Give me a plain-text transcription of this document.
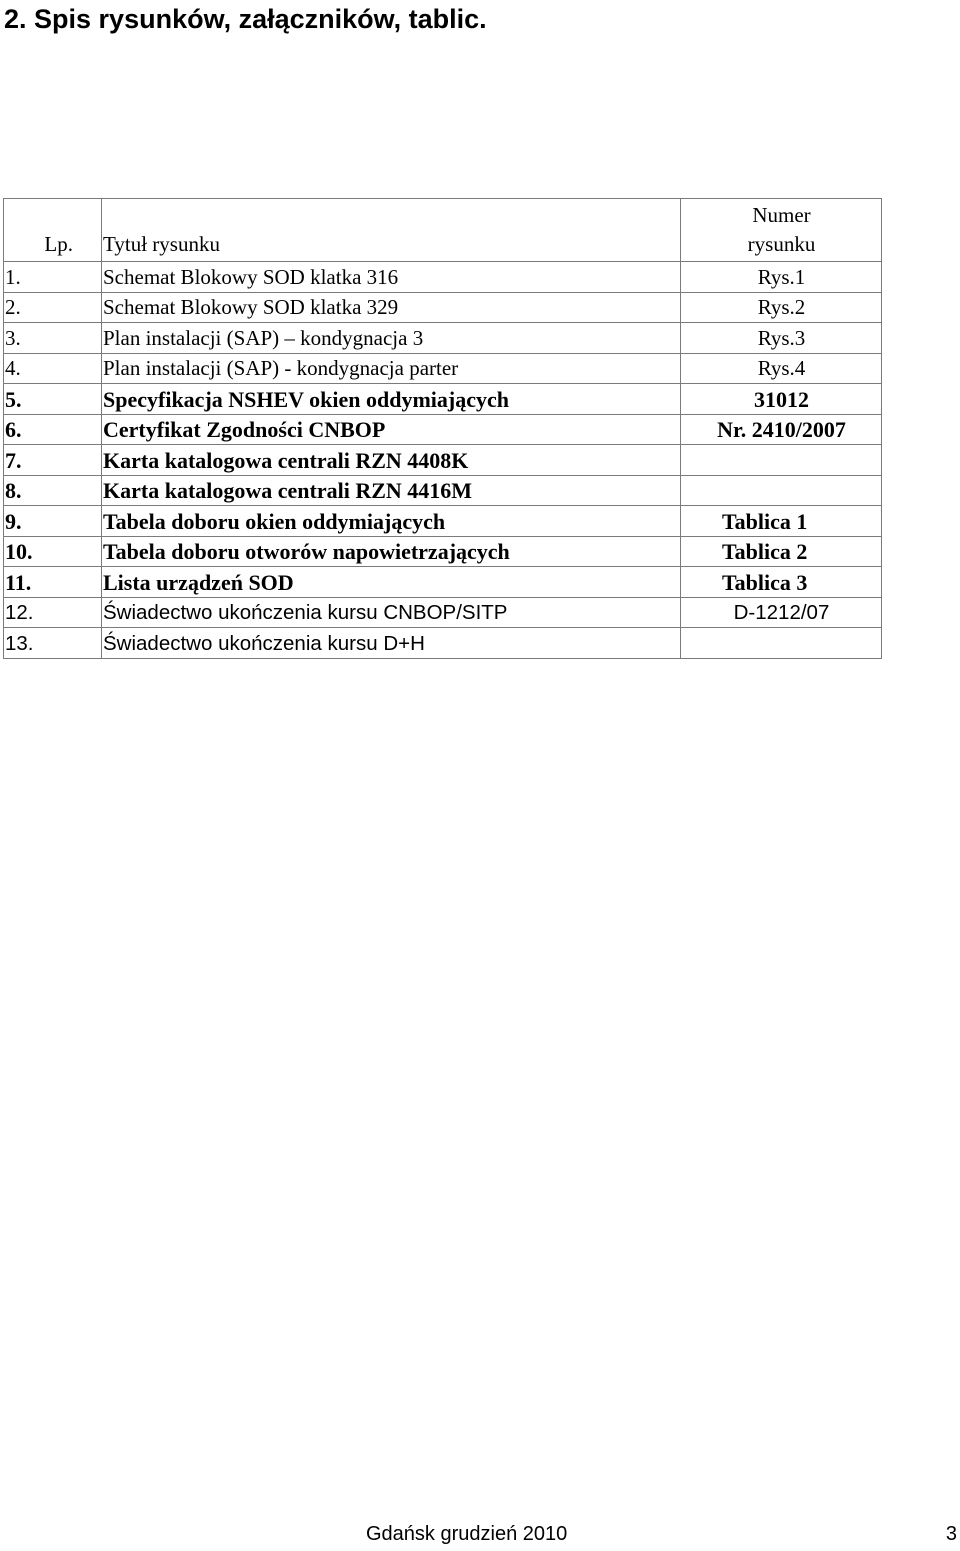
2. Spis rysunków, załączników, tablic.
Lp.	Tytuł rysunku	Numer
rysunku

1.	Schemat Blokowy SOD klatka 316	Rys.1
2.	Schemat Blokowy SOD klatka 329	Rys.2
3.	Plan instalacji (SAP) – kondygnacja 3	Rys.3
4.	Plan instalacji (SAP) - kondygnacja parter	Rys.4
5.	Specyfikacja NSHEV okien oddymiających	31012
6.	Certyfikat Zgodności CNBOP	Nr. 2410/2007
7.	Karta katalogowa centrali RZN 4408K	
8.	Karta katalogowa centrali RZN 4416M	
9.	Tabela doboru okien oddymiających	Tablica 1
10.	Tabela doboru otworów napowietrzających	Tablica 2
11.	Lista urządzeń SOD	Tablica 3
12.	Świadectwo ukończenia kursu CNBOP/SITP	D-1212/07
13.	Świadectwo ukończenia kursu D+H	
Gdańsk grudzień 2010	3
